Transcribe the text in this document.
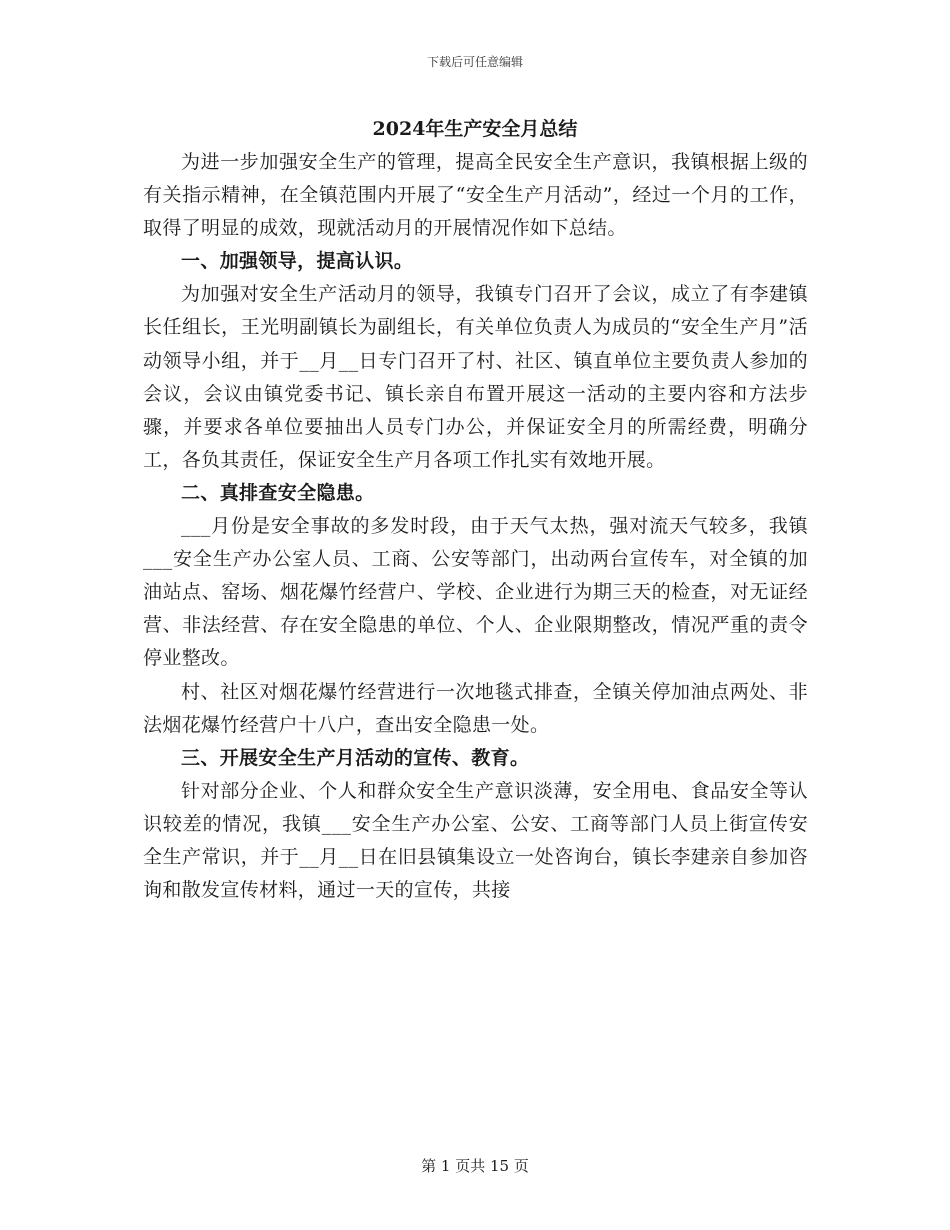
下载后可任意编辑
2024年生产安全月总结

为进一步加强安全生产的管理，提高全民安全生产意识，我镇根据上级的有关指示精神，在全镇范围内开展了“安全生产月活动”，经过一个月的工作，取得了明显的成效，现就活动月的开展情况作如下总结。

一、加强领导，提高认识。

为加强对安全生产活动月的领导，我镇专门召开了会议，成立了有李建镇长任组长，王光明副镇长为副组长，有关单位负责人为成员的“安全生产月”活动领导小组，并于__月__日专门召开了村、社区、镇直单位主要负责人参加的会议，会议由镇党委书记、镇长亲自布置开展这一活动的主要内容和方法步骤，并要求各单位要抽出人员专门办公，并保证安全月的所需经费，明确分工，各负其责任，保证安全生产月各项工作扎实有效地开展。

二、真排查安全隐患。

___月份是安全事故的多发时段，由于天气太热，强对流天气较多，我镇___安全生产办公室人员、工商、公安等部门，出动两台宣传车，对全镇的加油站点、窑场、烟花爆竹经营户、学校、企业进行为期三天的检查，对无证经营、非法经营、存在安全隐患的单位、个人、企业限期整改，情况严重的责令停业整改。

村、社区对烟花爆竹经营进行一次地毯式排查，全镇关停加油点两处、非法烟花爆竹经营户十八户，查出安全隐患一处。

三、开展安全生产月活动的宣传、教育。

针对部分企业、个人和群众安全生产意识淡薄，安全用电、食品安全等认识较差的情况，我镇___安全生产办公室、公安、工商等部门人员上街宣传安全生产常识，并于__月__日在旧县镇集设立一处咨询台，镇长李建亲自参加咨询和散发宣传材料，通过一天的宣传，共接

第 1 页共 15 页
